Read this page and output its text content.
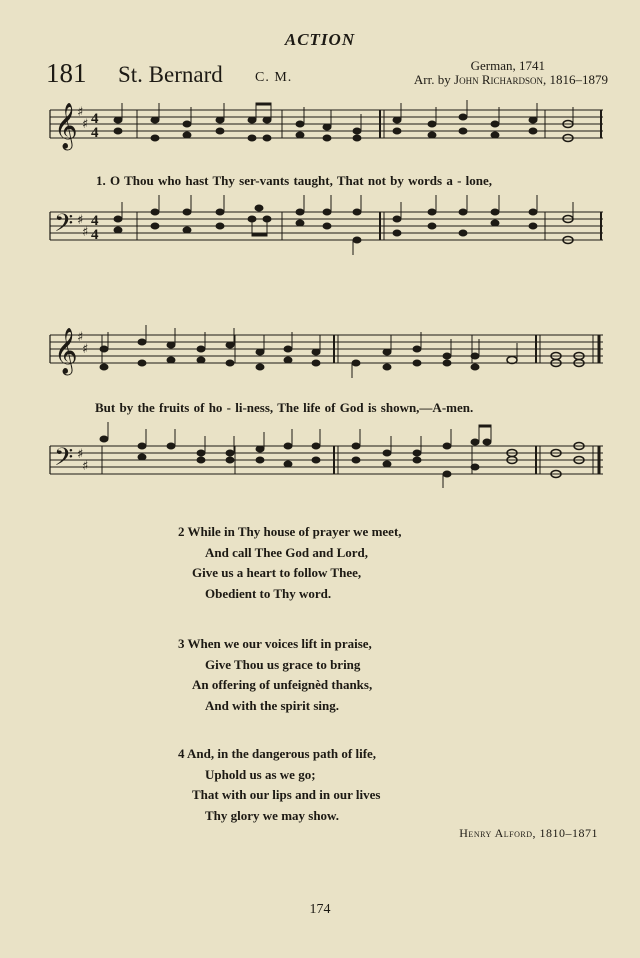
ACTION
181 St. Bernard C. M.
German, 1741
Arr. by John Richardson, 1816–1879
𝄞
𝄢
♯
♯
♯
♯
4
4
4
4
1. O Thou who hast Thy ser-vants taught, That not by words a - lone,
𝄞
𝄢
♯
♯
♯
♯
But by the fruits of ho - li-ness, The life of God is shown,—A-men.
2 While in Thy house of prayer we meet,
And call Thee God and Lord,
Give us a heart to follow Thee,
Obedient to Thy word.
3 When we our voices lift in praise,
Give Thou us grace to bring
An offering of unfeignèd thanks,
And with the spirit sing.
4 And, in the dangerous path of life,
Uphold us as we go;
That with our lips and in our lives
Thy glory we may show.
Henry Alford, 1810–1871
174
